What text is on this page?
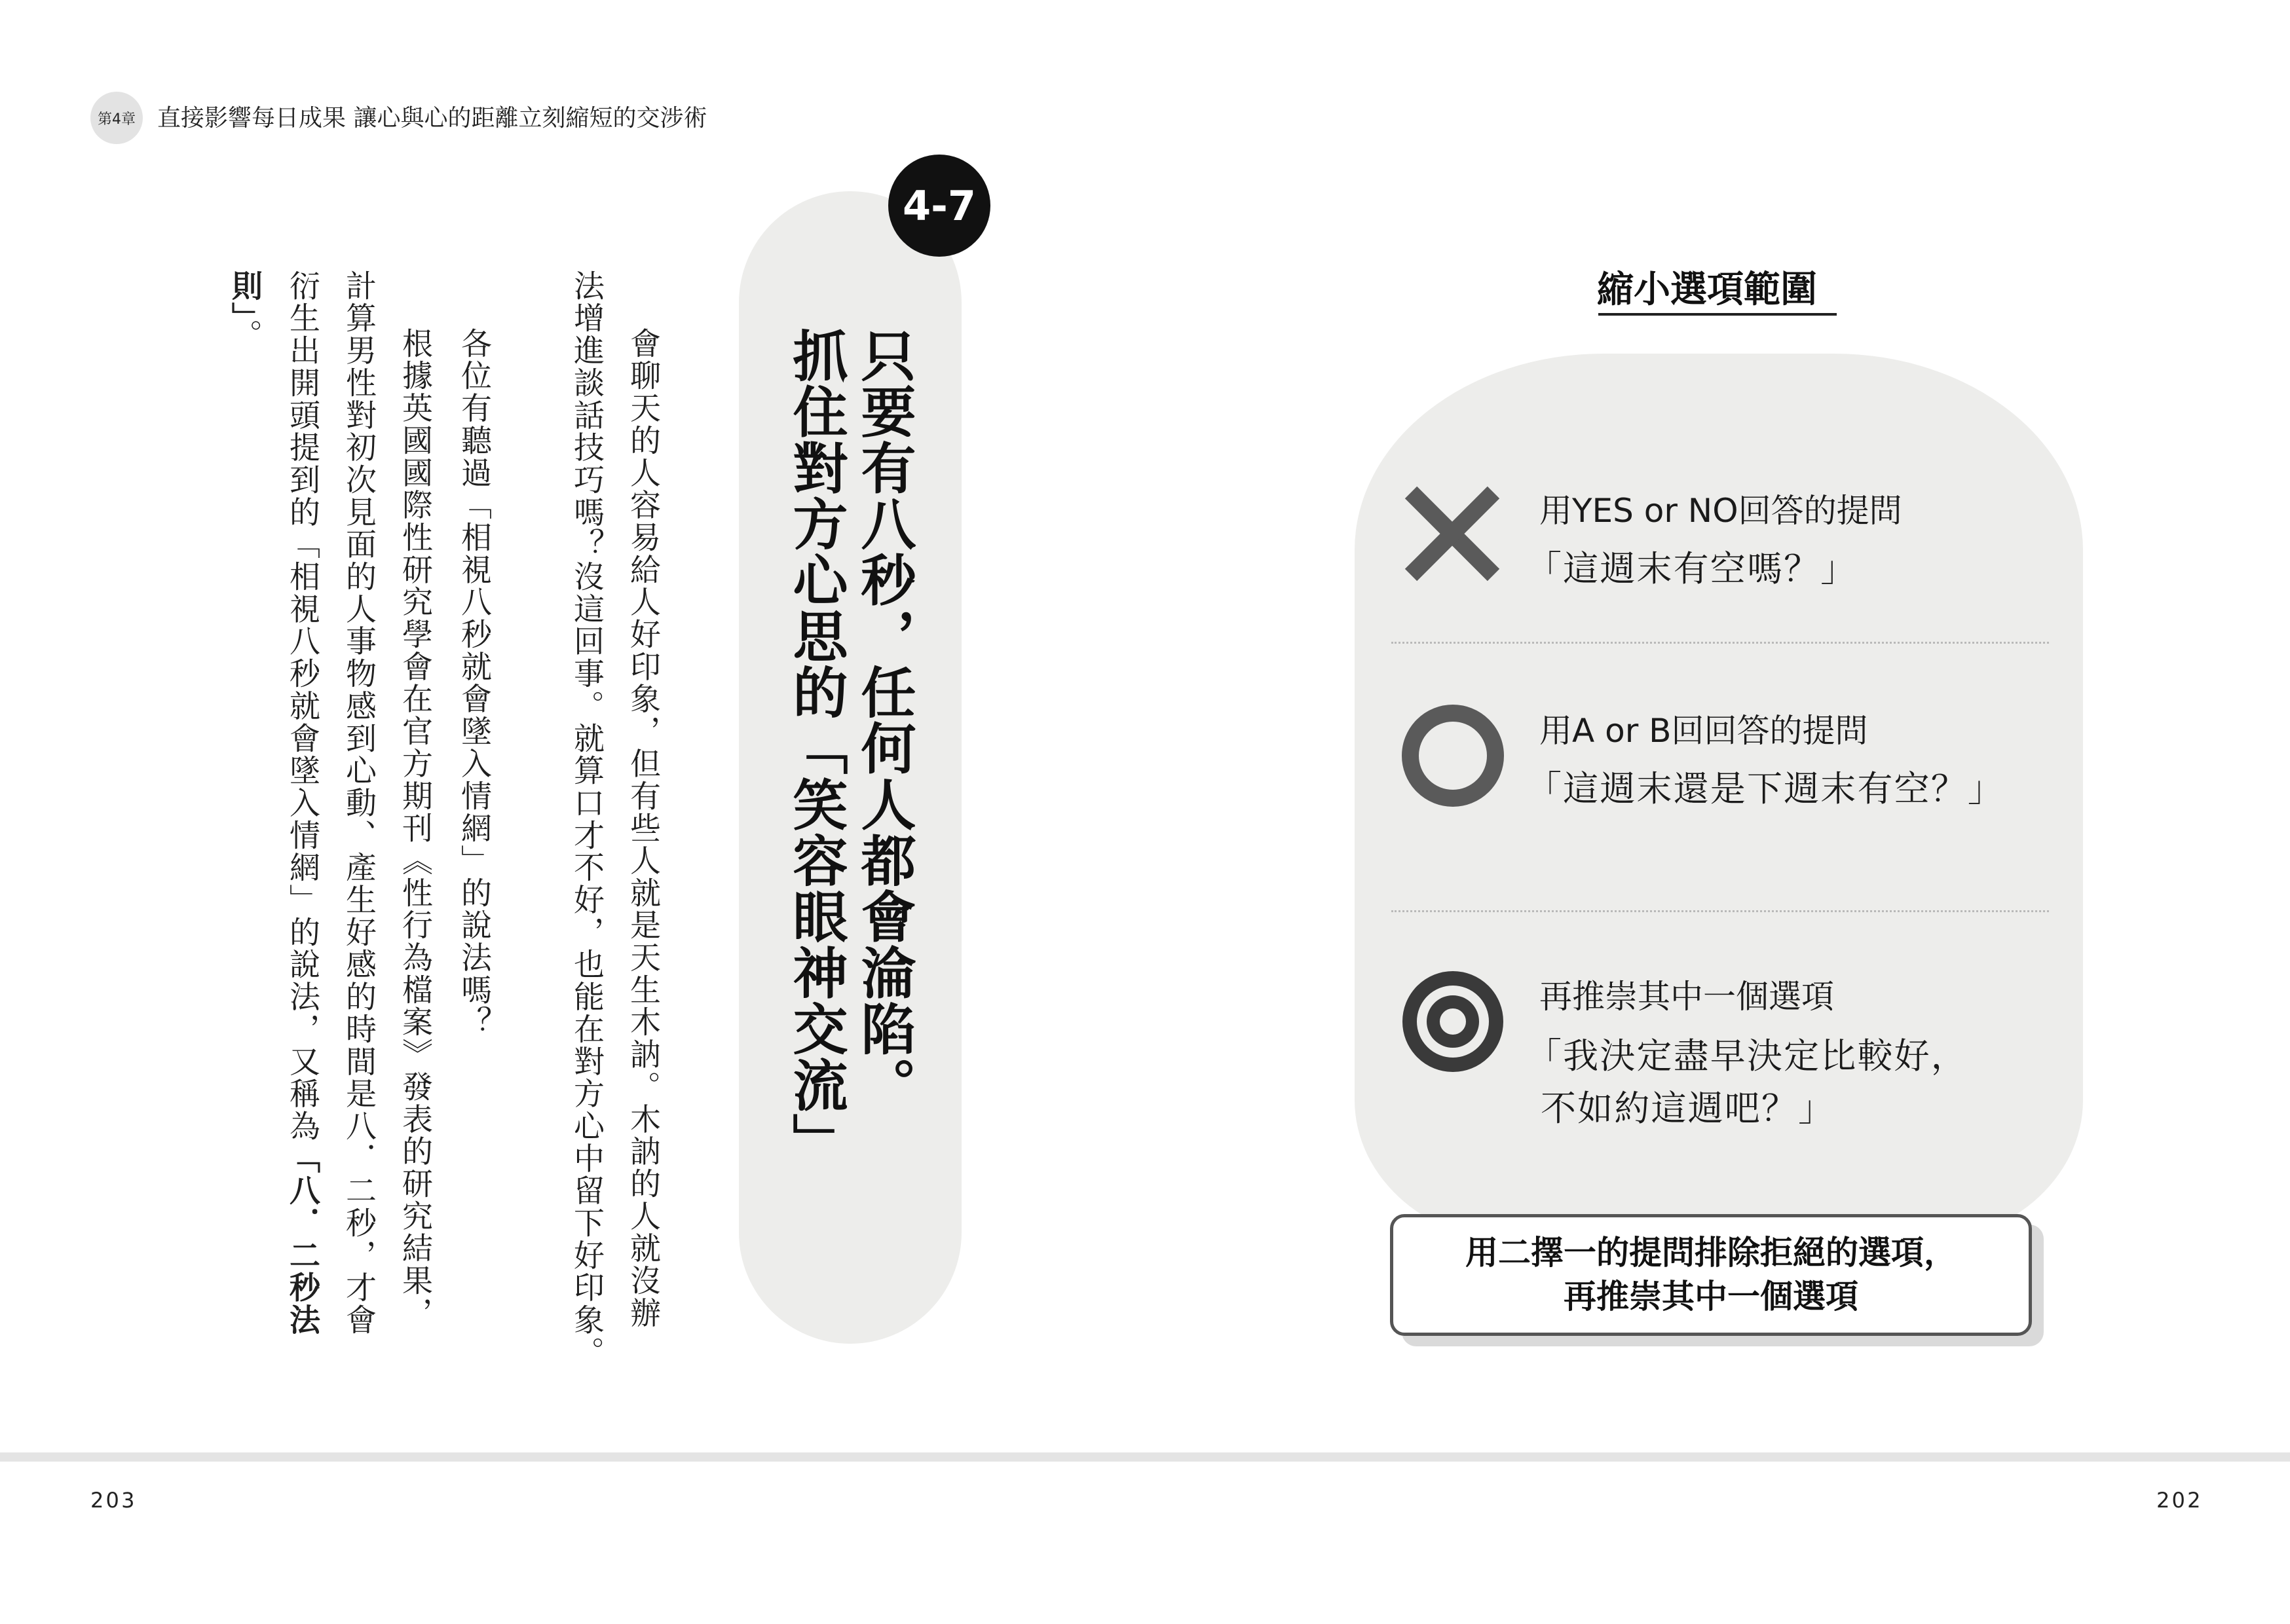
第4章 直接影響每日成果 讓心與心的距離立刻縮短的交涉術
只要有八秒，任何人都會淪陷。
抓住對方心思的「笑容眼神交流」
4-7
會聊天的人容易給人好印象，但有些人就是天生木訥。木訥的人就沒辦
法增進談話技巧嗎？沒這回事。就算口才不好，也能在對方心中留下好印象。
各位有聽過「相視八秒就會墜入情網」的說法嗎？
根據英國國際性研究學會在官方期刊《性行為檔案》發表的研究結果，
計算男性對初次見面的人事物感到心動、產生好感的時間是八．二秒，才會
衍生出開頭提到的「相視八秒就會墜入情網」的說法，又稱為「八．二秒法
則」。
縮小選項範圍
用YES or NO回答的提問
「這週末有空嗎？」
用A or B回回答的提問
「這週末還是下週末有空？」
再推崇其中一個選項
「我決定盡早決定比較好，
不如約這週吧？」
用二擇一的提問排除拒絕的選項，
再推崇其中一個選項
203	202
